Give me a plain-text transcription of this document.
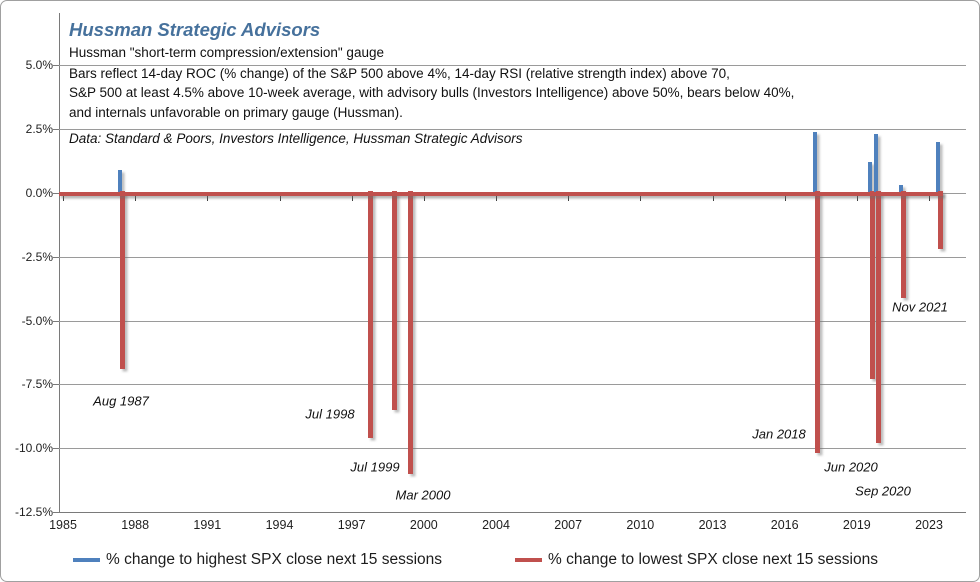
Hussman Strategic Advisors
Hussman "short-term compression/extension" gauge
Bars reflect 14-day ROC (% change) of the S&P 500 above 4%, 14-day RSI (relative strength index) above 70,
S&P 500 at least 4.5% above 10-week average, with advisory bulls (Investors Intelligence) above 50%, bears below 40%,
and internals unfavorable on primary gauge (Hussman).
Data: Standard & Poors, Investors Intelligence, Hussman Strategic Advisors
% change to highest SPX close next 15 sessions	% change to lowest SPX close next 15 sessions
5.0%
2.5%
0.0%
-2.5%
-5.0%
-7.5%
-10.0%
-12.5%
1985	1988	1991	1994	1997	2000	2004	2007	2010	2013	2016	2019	2023
Aug 1987
Jul 1998
Jul 1999
Mar 2000
Jan 2018
Jun 2020
Sep 2020
Nov 2021
